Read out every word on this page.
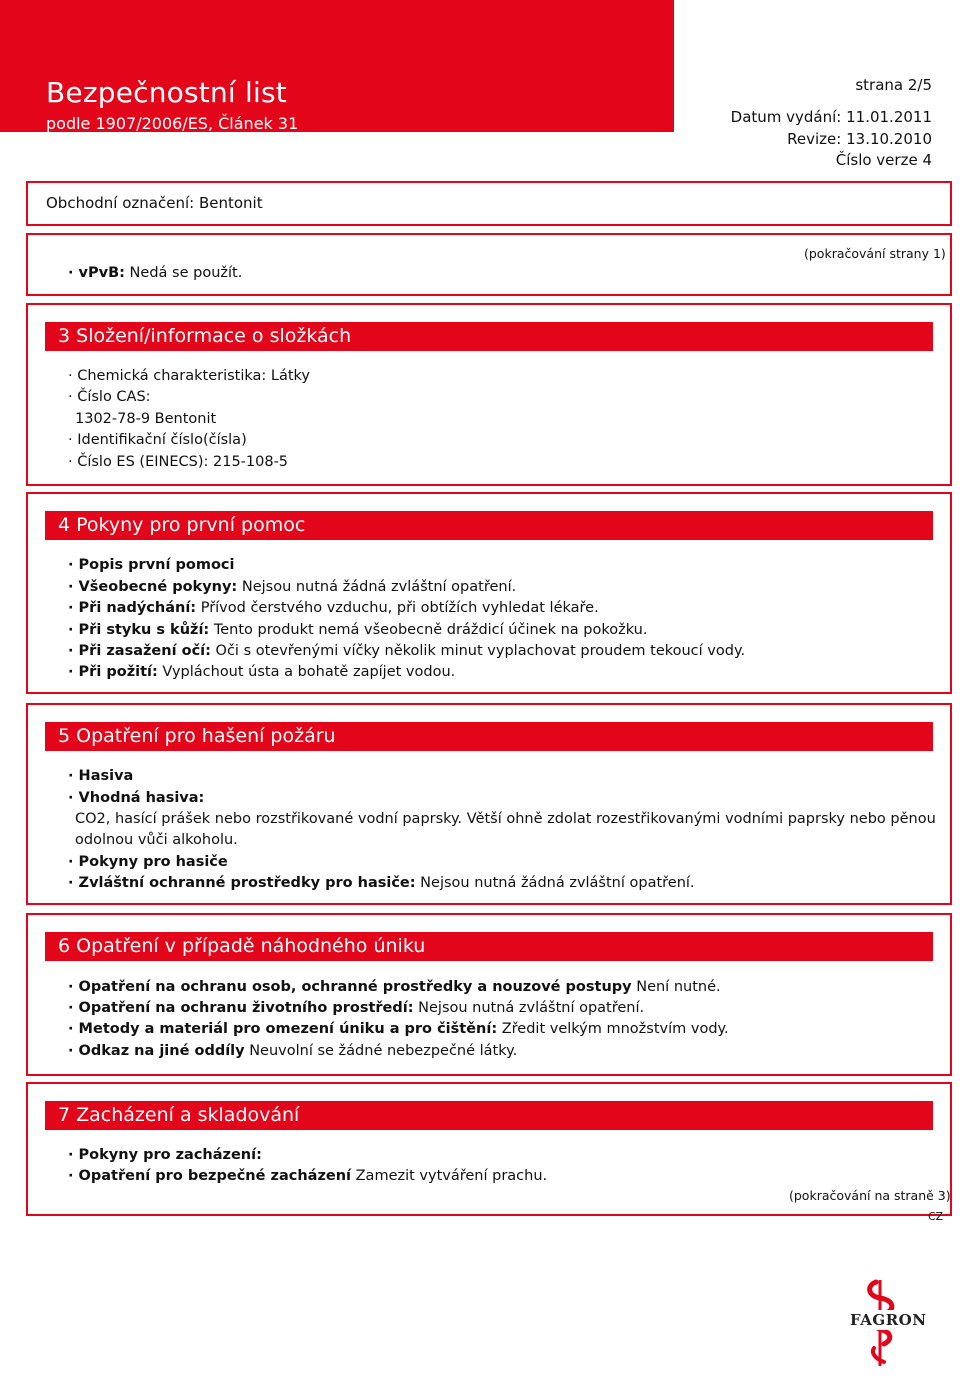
Bezpečnostní list
podle 1907/2006/ES, Článek 31
strana 2/5
Datum vydání: 11.01.2011
Revize: 13.10.2010
Číslo verze 4
Obchodní označení: Bentonit
(pokračování strany 1)
· vPvB: Nedá se použít.
3 Složení/informace o složkách
· Chemická charakteristika: Látky
· Číslo CAS:
1302-78-9 Bentonit
· Identifikační číslo(čísla)
· Číslo ES (EINECS): 215-108-5
4 Pokyny pro první pomoc
· Popis první pomoci
· Všeobecné pokyny: Nejsou nutná žádná zvláštní opatření.
· Při nadýchání: Přívod čerstvého vzduchu, při obtížích vyhledat lékaře.
· Při styku s kůží: Tento produkt nemá všeobecně dráždicí účinek na pokožku.
· Při zasažení očí: Oči s otevřenými víčky několik minut vyplachovat proudem tekoucí vody.
· Při požití: Vypláchout ústa a bohatě zapíjet vodou.
5 Opatření pro hašení požáru
· Hasiva
· Vhodná hasiva:
CO2, hasící prášek nebo rozstřikované vodní paprsky. Větší ohně zdolat rozestřikovanými vodními paprsky nebo pěnou
odolnou vůči alkoholu.
· Pokyny pro hasiče
· Zvláštní ochranné prostředky pro hasiče: Nejsou nutná žádná zvláštní opatření.
6 Opatření v případě náhodného úniku
· Opatření na ochranu osob, ochranné prostředky a nouzové postupy Není nutné.
· Opatření na ochranu životního prostředí: Nejsou nutná zvláštní opatření.
· Metody a materiál pro omezení úniku a pro čištění: Zředit velkým množstvím vody.
· Odkaz na jiné oddíly Neuvolní se žádné nebezpečné látky.
7 Zacházení a skladování
· Pokyny pro zacházení:
· Opatření pro bezpečné zacházení Zamezit vytváření prachu.
(pokračování na straně 3)
CZ
FAGRON
